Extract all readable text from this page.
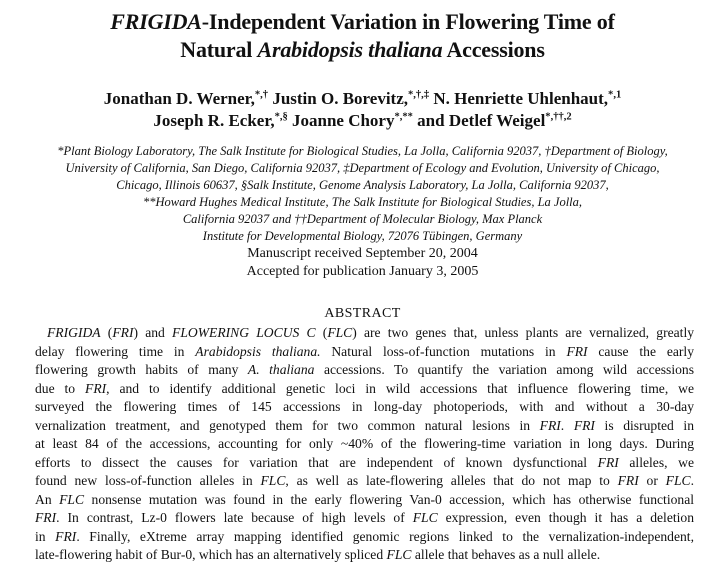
FRIGIDA-Independent Variation in Flowering Time of
Natural Arabidopsis thaliana Accessions
Jonathan D. Werner,*,† Justin O. Borevitz,*,†,‡ N. Henriette Uhlenhaut,$^{*,1}$
Joseph R. Ecker,*,§ Joanne Chory*,** and Detlef Weigel$^{*,\dagger\dagger,2}$
*Plant Biology Laboratory, The Salk Institute for Biological Studies, La Jolla, California 92037, †Department of Biology,
University of California, San Diego, California 92037, ‡Department of Ecology and Evolution, University of Chicago,
Chicago, Illinois 60637, §Salk Institute, Genome Analysis Laboratory, La Jolla, California 92037,
**Howard Hughes Medical Institute, The Salk Institute for Biological Studies, La Jolla,
California 92037 and ††Department of Molecular Biology, Max Planck
Institute for Developmental Biology, 72076 Tübingen, Germany
Manuscript received September 20, 2004
Accepted for publication January 3, 2005
ABSTRACT
FRIGIDA (FRI) and FLOWERING LOCUS C (FLC) are two genes that, unless plants are vernalized, greatly
delay flowering time in Arabidopsis thaliana. Natural loss-of-function mutations in FRI cause the early
flowering growth habits of many A. thaliana accessions. To quantify the variation among wild accessions
due to FRI, and to identify additional genetic loci in wild accessions that influence flowering time, we
surveyed the flowering times of 145 accessions in long-day photoperiods, with and without a 30-day
vernalization treatment, and genotyped them for two common natural lesions in FRI. FRI is disrupted in
at least 84 of the accessions, accounting for only ~40% of the flowering-time variation in long days. During
efforts to dissect the causes for variation that are independent of known dysfunctional FRI alleles, we
found new loss-of-function alleles in FLC, as well as late-flowering alleles that do not map to FRI or FLC.
An FLC nonsense mutation was found in the early flowering Van-0 accession, which has otherwise functional
FRI. In contrast, Lz-0 flowers late because of high levels of FLC expression, even though it has a deletion
in FRI. Finally, eXtreme array mapping identified genomic regions linked to the vernalization-independent,
late-flowering habit of Bur-0, which has an alternatively spliced FLC allele that behaves as a null allele.
